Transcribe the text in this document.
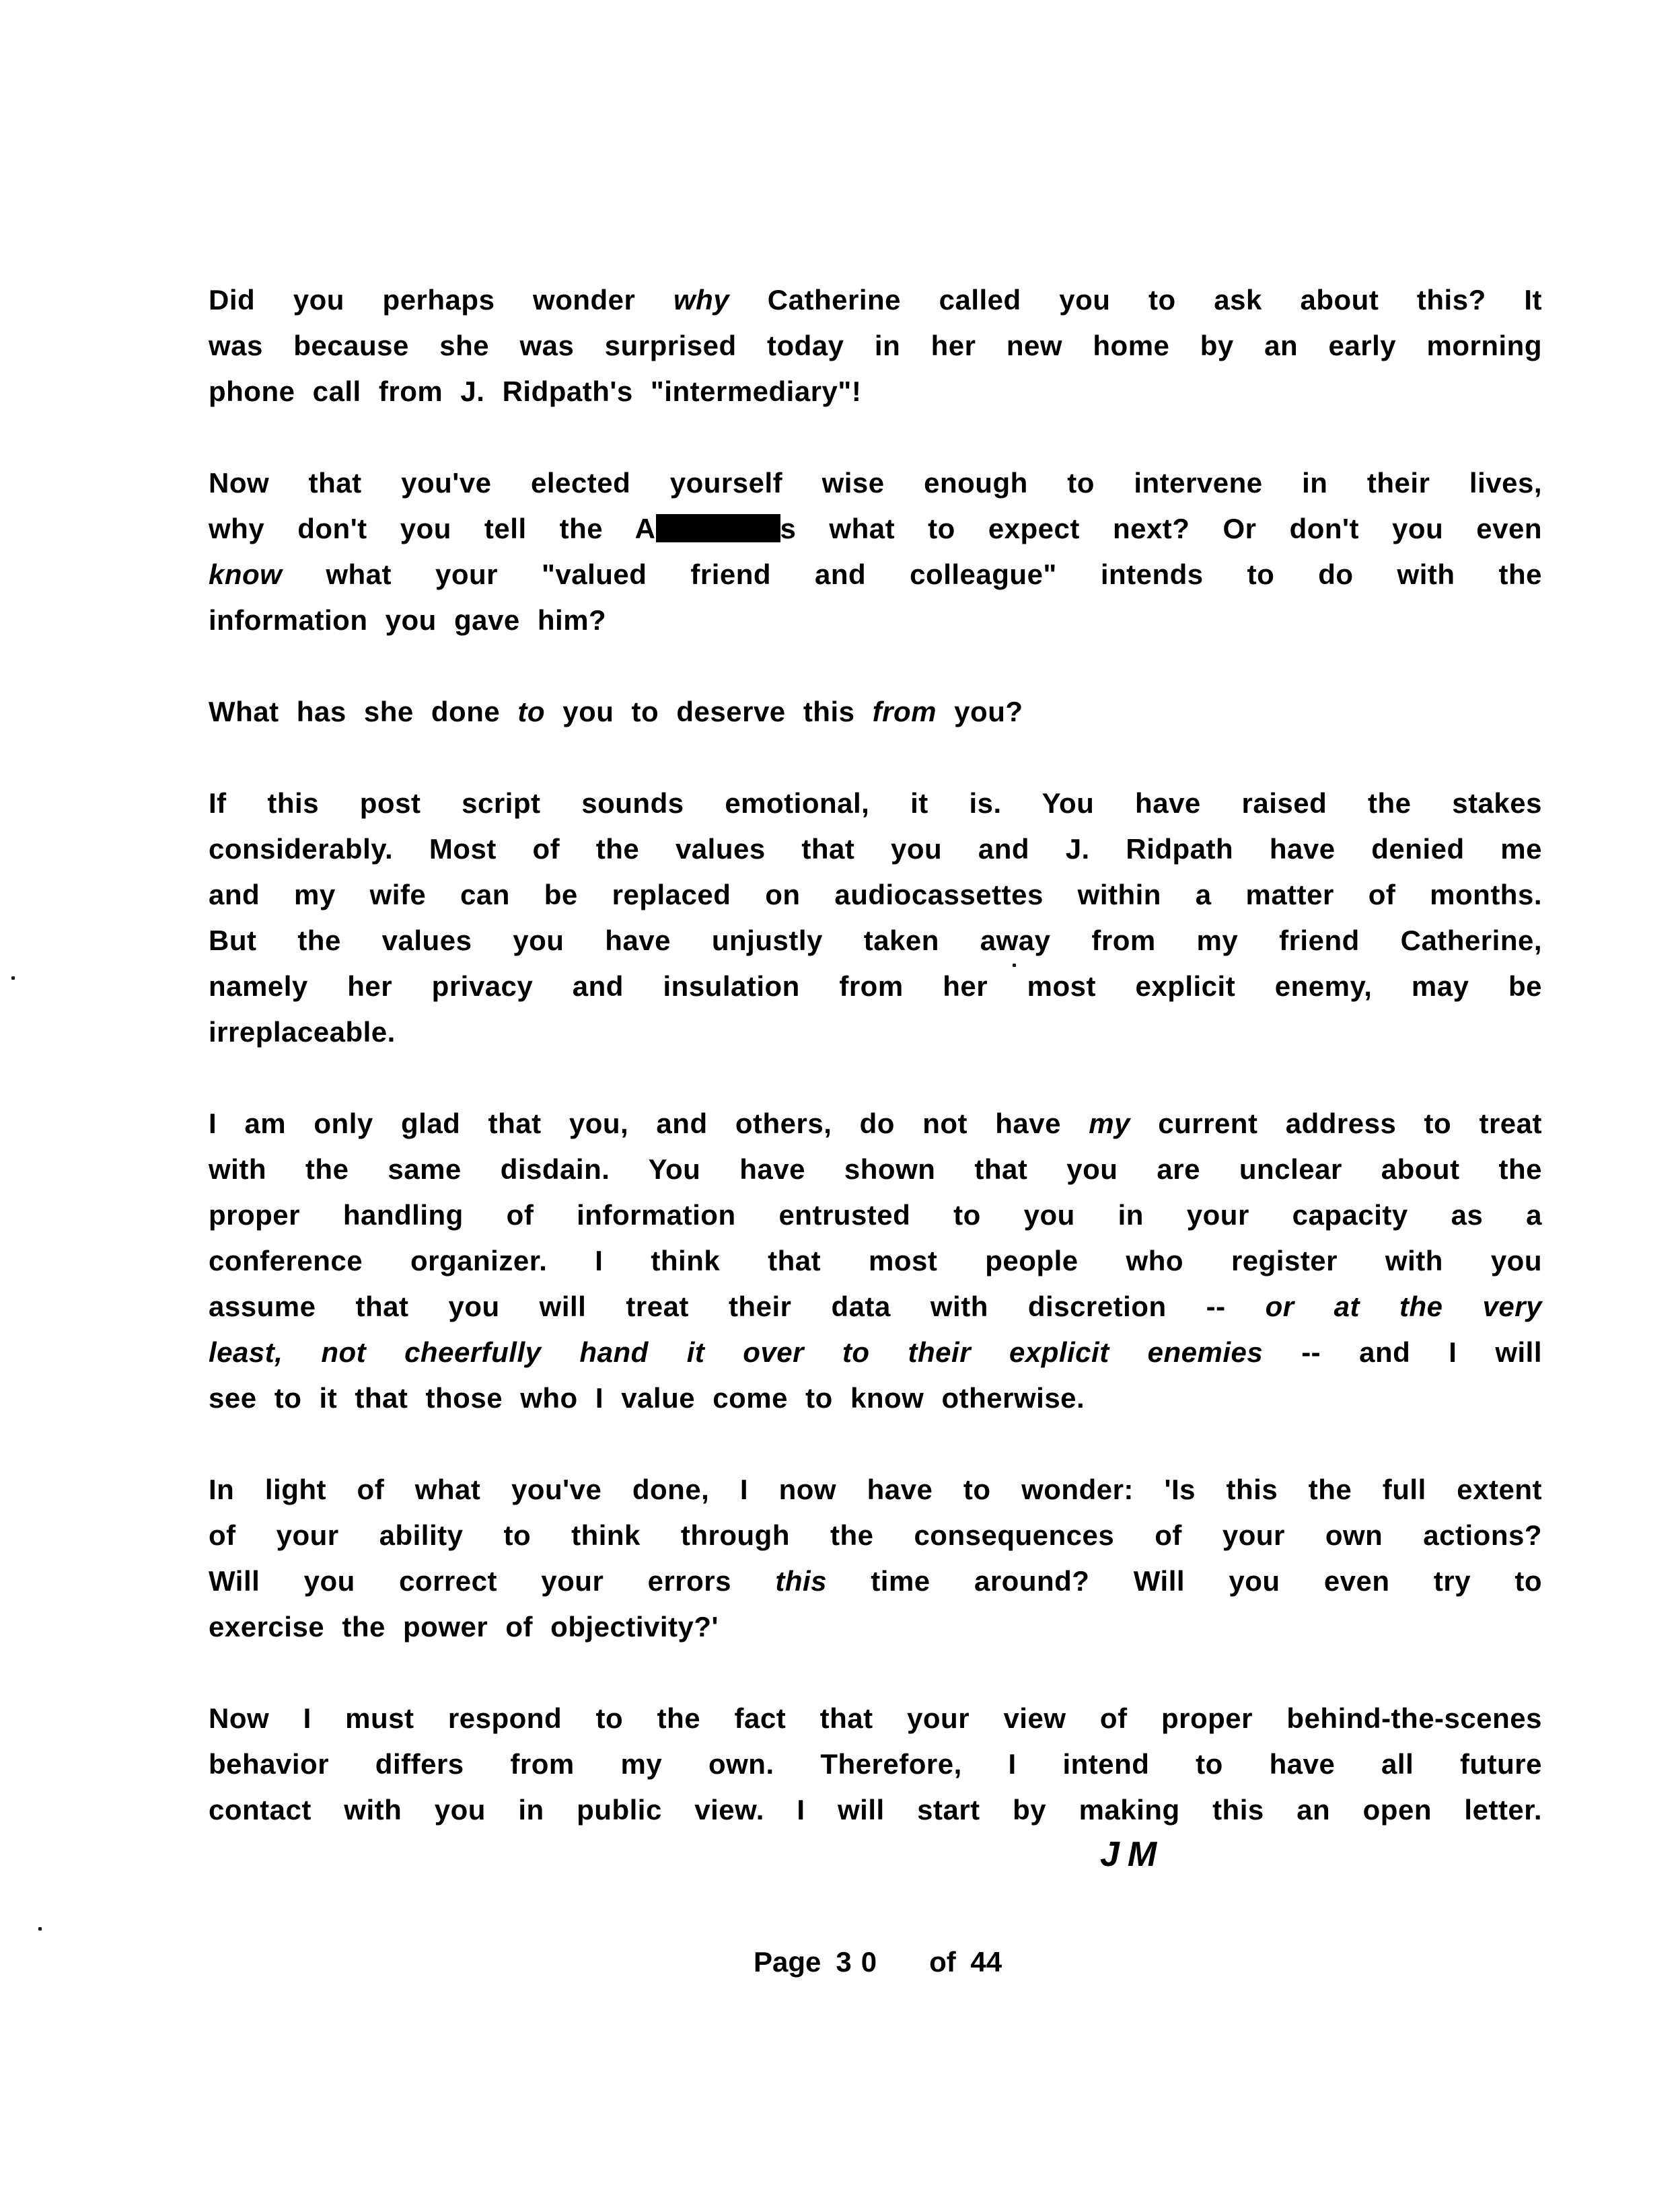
Did you perhaps wonder why Catherine called you to ask about this? It
was because she was surprised today in her new home by an early morning
phone call from J. Ridpath's "intermediary"!
Now that you've elected yourself wise enough to intervene in their lives,
why don't you tell the A	s what to expect next? Or don't you even
know what your "valued friend and colleague" intends to do with the
information you gave him?
What has she done to you to deserve this from you?
If this post script sounds emotional, it is. You have raised the stakes
considerably. Most of the values that you and J. Ridpath have denied me
and my wife can be replaced on audiocassettes within a matter of months.
But the values you have unjustly taken away from my friend Catherine,
namely her privacy and insulation from her most explicit enemy, may be
irreplaceable.
I am only glad that you, and others, do not have my current address to treat
with the same disdain. You have shown that you are unclear about the
proper handling of information entrusted to you in your capacity as a
conference organizer. I think that most people who register with you
assume that you will treat their data with discretion -- or at the very
least, not cheerfully hand it over to their explicit enemies -- and I will
see to it that those who I value come to know otherwise.
In light of what you've done, I now have to wonder: 'Is this the full extent
of your ability to think through the consequences of your own actions?
Will you correct your errors this time around? Will you even try to
exercise the power of objectivity?'
Now I must respond to the fact that your view of proper behind-the-scenes
behavior differs from my own. Therefore, I intend to have all future
contact with you in public view. I will start by making this an open letter.
JM
Page 30 of 44
